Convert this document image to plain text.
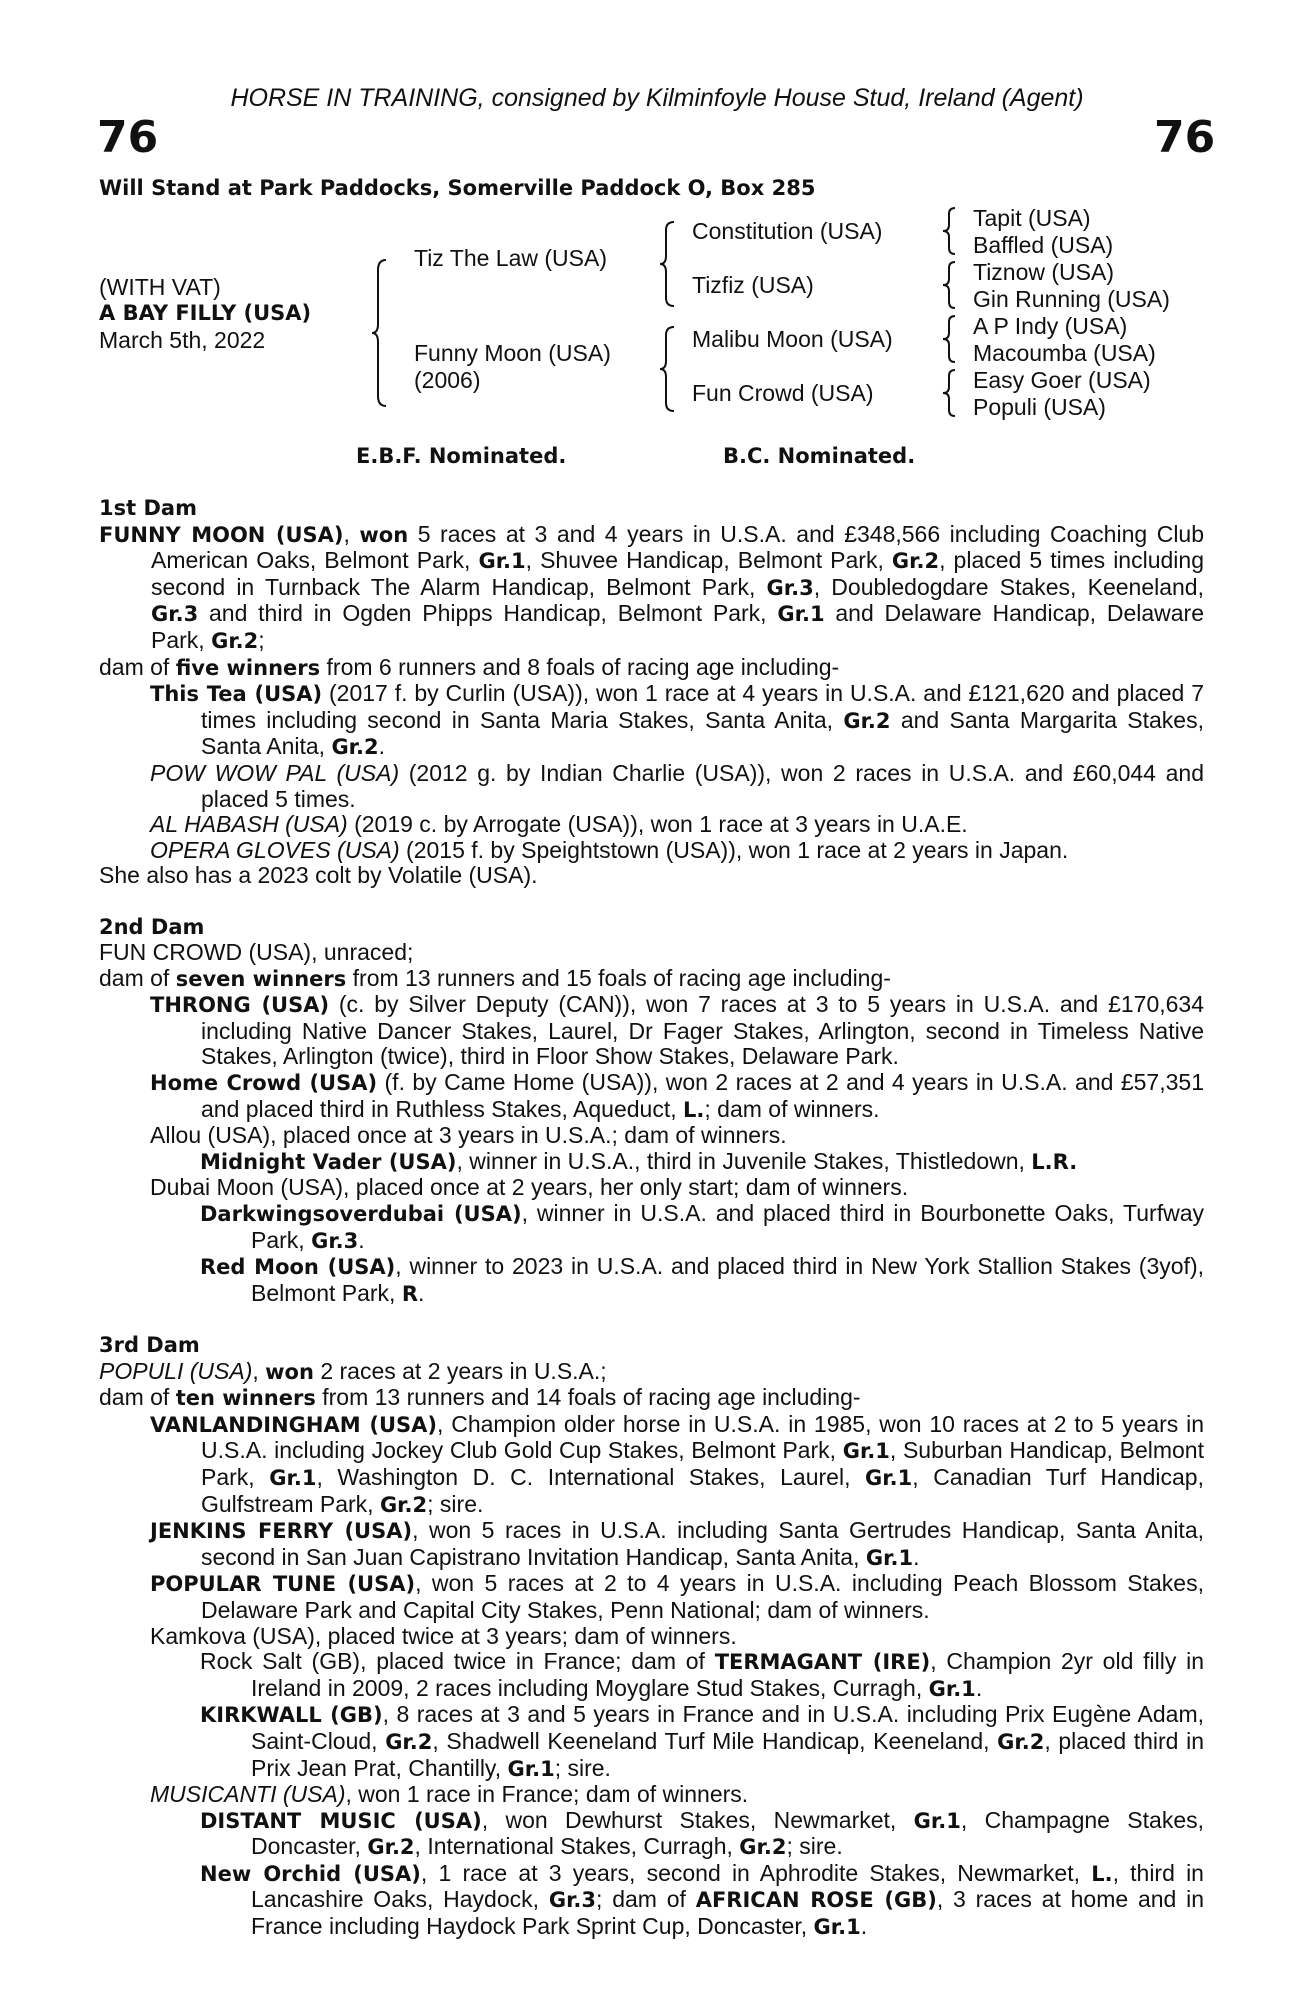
HORSE IN TRAINING, consigned by Kilminfoyle House Stud, Ireland (Agent)
76	76
Will Stand at Park Paddocks, Somerville Paddock O, Box 285
(WITH VAT)
A BAY FILLY (USA)
March 5th, 2022
Tiz The Law (USA)
Funny Moon (USA)
(2006)
Constitution (USA)
Tizfiz (USA)
Malibu Moon (USA)
Fun Crowd (USA)
Tapit (USA)
Baffled (USA)
Tiznow (USA)
Gin Running (USA)
A P Indy (USA)
Macoumba (USA)
Easy Goer (USA)
Populi (USA)
E.B.F. Nominated.	B.C. Nominated.

1st Dam

FUNNY MOON (USA), won 5 races at 3 and 4 years in U.S.A. and £348,566 including Coaching Club American Oaks, Belmont Park, Gr.1, Shuvee Handicap, Belmont Park, Gr.2, placed 5 times including second in Turnback The Alarm Handicap, Belmont Park, Gr.3, Doubledogdare Stakes, Keeneland, Gr.3 and third in Ogden Phipps Handicap, Belmont Park, Gr.1 and Delaware Handicap, Delaware Park, Gr.2;

dam of five winners from 6 runners and 8 foals of racing age including-

This Tea (USA) (2017 f. by Curlin (USA)), won 1 race at 4 years in U.S.A. and £121,620 and placed 7 times including second in Santa Maria Stakes, Santa Anita, Gr.2 and Santa Margarita Stakes, Santa Anita, Gr.2.

POW WOW PAL (USA) (2012 g. by Indian Charlie (USA)), won 2 races in U.S.A. and £60,044 and placed 5 times.

AL HABASH (USA) (2019 c. by Arrogate (USA)), won 1 race at 3 years in U.A.E.

OPERA GLOVES (USA) (2015 f. by Speightstown (USA)), won 1 race at 2 years in Japan.

She also has a 2023 colt by Volatile (USA).

2nd Dam

FUN CROWD (USA), unraced;

dam of seven winners from 13 runners and 15 foals of racing age including-

THRONG (USA) (c. by Silver Deputy (CAN)), won 7 races at 3 to 5 years in U.S.A. and £170,634 including Native Dancer Stakes, Laurel, Dr Fager Stakes, Arlington, second in Timeless Native Stakes, Arlington (twice), third in Floor Show Stakes, Delaware Park.

Home Crowd (USA) (f. by Came Home (USA)), won 2 races at 2 and 4 years in U.S.A. and £57,351 and placed third in Ruthless Stakes, Aqueduct, L.; dam of winners.

Allou (USA), placed once at 3 years in U.S.A.; dam of winners.

Midnight Vader (USA), winner in U.S.A., third in Juvenile Stakes, Thistledown, L.R.

Dubai Moon (USA), placed once at 2 years, her only start; dam of winners.

Darkwingsoverdubai (USA), winner in U.S.A. and placed third in Bourbonette Oaks, Turfway Park, Gr.3.

Red Moon (USA), winner to 2023 in U.S.A. and placed third in New York Stallion Stakes (3yof), Belmont Park, R.

3rd Dam

POPULI (USA), won 2 races at 2 years in U.S.A.;

dam of ten winners from 13 runners and 14 foals of racing age including-

VANLANDINGHAM (USA), Champion older horse in U.S.A. in 1985, won 10 races at 2 to 5 years in U.S.A. including Jockey Club Gold Cup Stakes, Belmont Park, Gr.1, Suburban Handicap, Belmont Park, Gr.1, Washington D. C. International Stakes, Laurel, Gr.1, Canadian Turf Handicap, Gulfstream Park, Gr.2; sire.

JENKINS FERRY (USA), won 5 races in U.S.A. including Santa Gertrudes Handicap, Santa Anita, second in San Juan Capistrano Invitation Handicap, Santa Anita, Gr.1.

POPULAR TUNE (USA), won 5 races at 2 to 4 years in U.S.A. including Peach Blossom Stakes, Delaware Park and Capital City Stakes, Penn National; dam of winners.

Kamkova (USA), placed twice at 3 years; dam of winners.

Rock Salt (GB), placed twice in France; dam of TERMAGANT (IRE), Champion 2yr old filly in Ireland in 2009, 2 races including Moyglare Stud Stakes, Curragh, Gr.1.

KIRKWALL (GB), 8 races at 3 and 5 years in France and in U.S.A. including Prix Eugène Adam, Saint-Cloud, Gr.2, Shadwell Keeneland Turf Mile Handicap, Keeneland, Gr.2, placed third in Prix Jean Prat, Chantilly, Gr.1; sire.

MUSICANTI (USA), won 1 race in France; dam of winners.

DISTANT MUSIC (USA), won Dewhurst Stakes, Newmarket, Gr.1, Champagne Stakes, Doncaster, Gr.2, International Stakes, Curragh, Gr.2; sire.

New Orchid (USA), 1 race at 3 years, second in Aphrodite Stakes, Newmarket, L., third in Lancashire Oaks, Haydock, Gr.3; dam of AFRICAN ROSE (GB), 3 races at home and in France including Haydock Park Sprint Cup, Doncaster, Gr.1.
